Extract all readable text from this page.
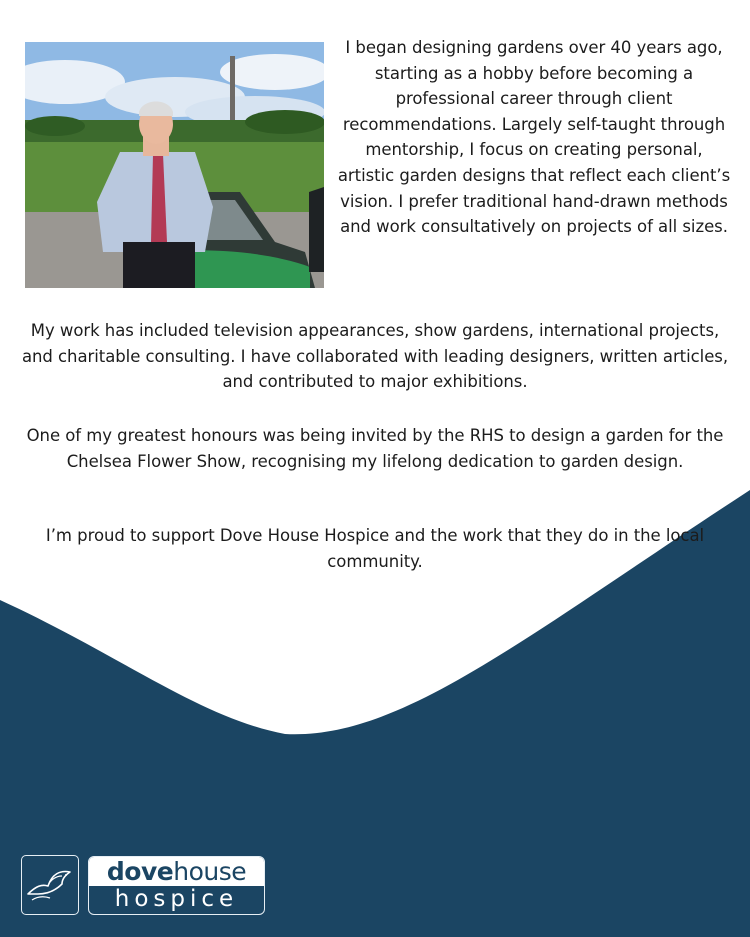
I began designing gardens over 40 years ago, starting as a hobby before becoming a professional career through client recommendations. Largely self-taught through mentorship, I focus on creating personal, artistic garden designs that reflect each client’s vision. I prefer traditional hand-drawn methods and work consultatively on projects of all sizes.

My work has included television appearances, show gardens, international projects, and charitable consulting. I have collaborated with leading designers, written articles, and contributed to major exhibitions.

One of my greatest honours was being invited by the RHS to design a garden for the Chelsea Flower Show, recognising my lifelong dedication to garden design.

I’m proud to support Dove House Hospice and the work that they do in the local community.

dovehouse
hospice
